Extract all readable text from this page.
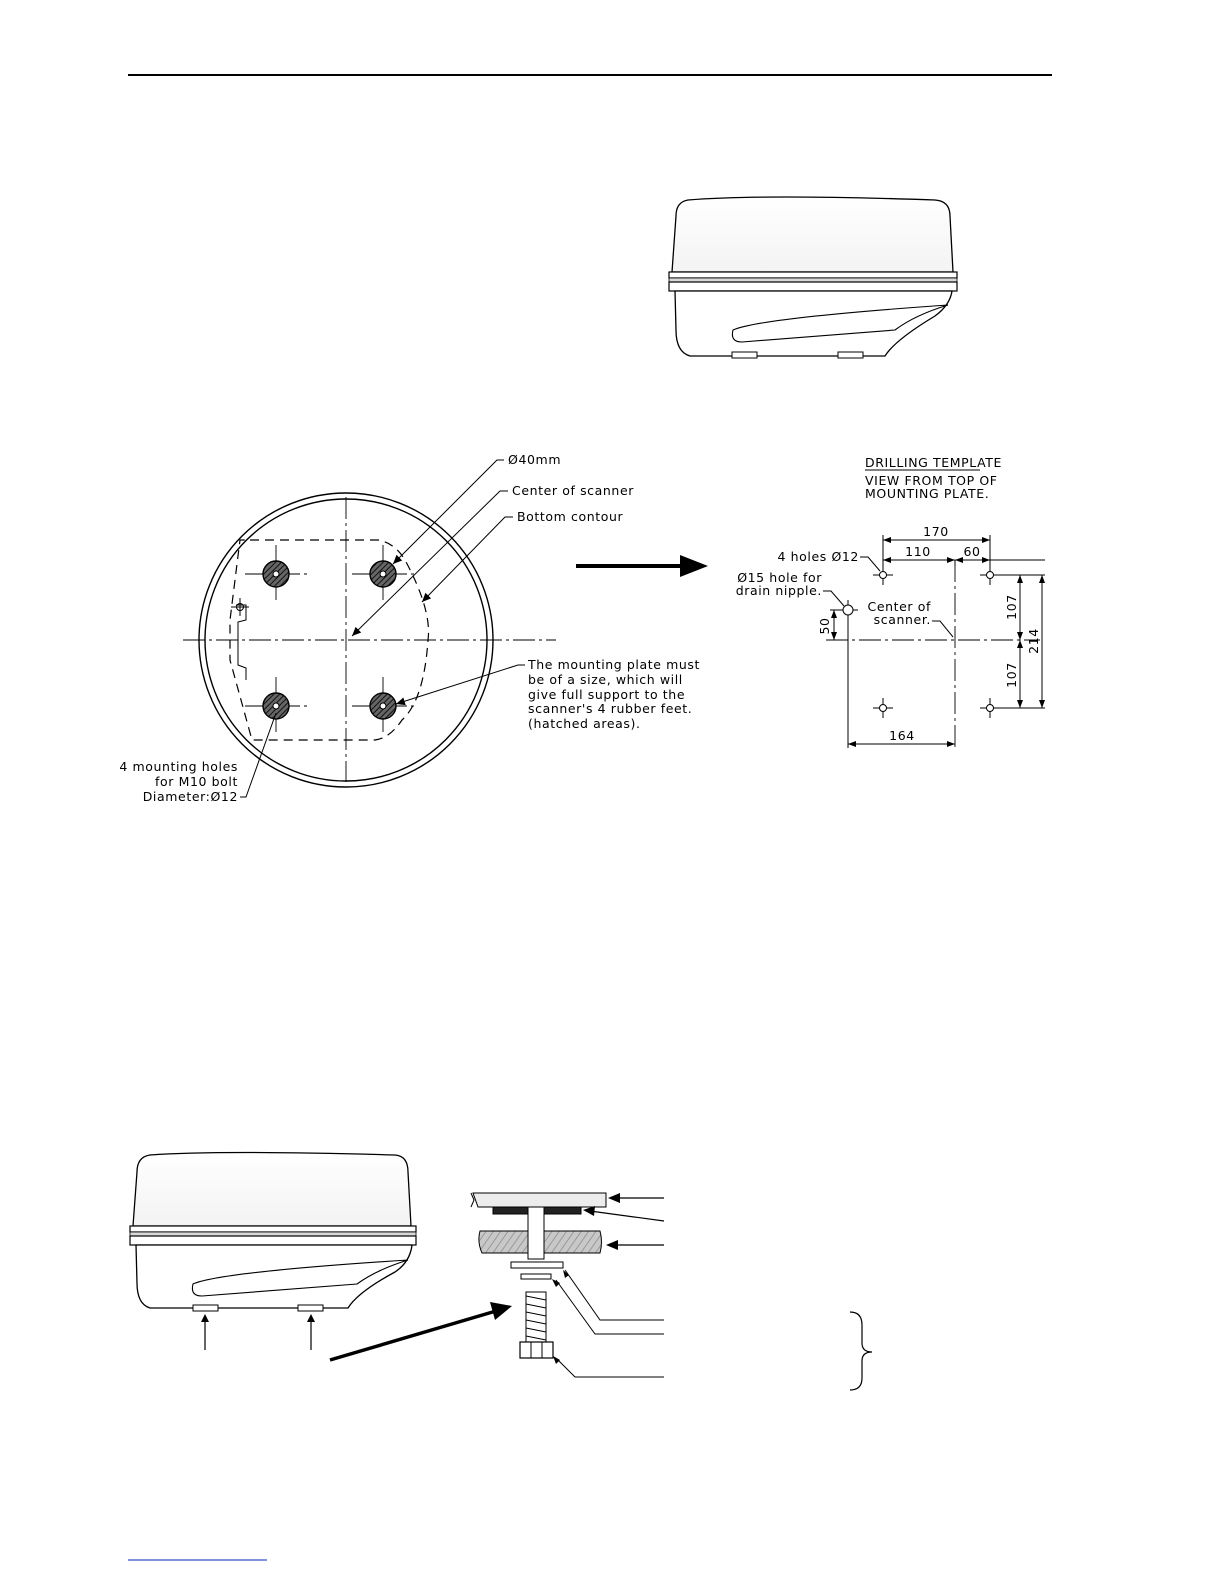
Ø40mm
Center of scanner
Bottom contour
The mounting plate must
be of a size, which will
give full support to the
scanner's 4 rubber feet.
(hatched areas).
4 mounting holes
for M10 bolt
Diameter:Ø12
DRILLING TEMPLATE
VIEW FROM TOP OF
MOUNTING PLATE.
170
110	60
107
107
214
50
164
4 holes Ø12
Ø15 hole for
drain nipple.
Center of
scanner.
